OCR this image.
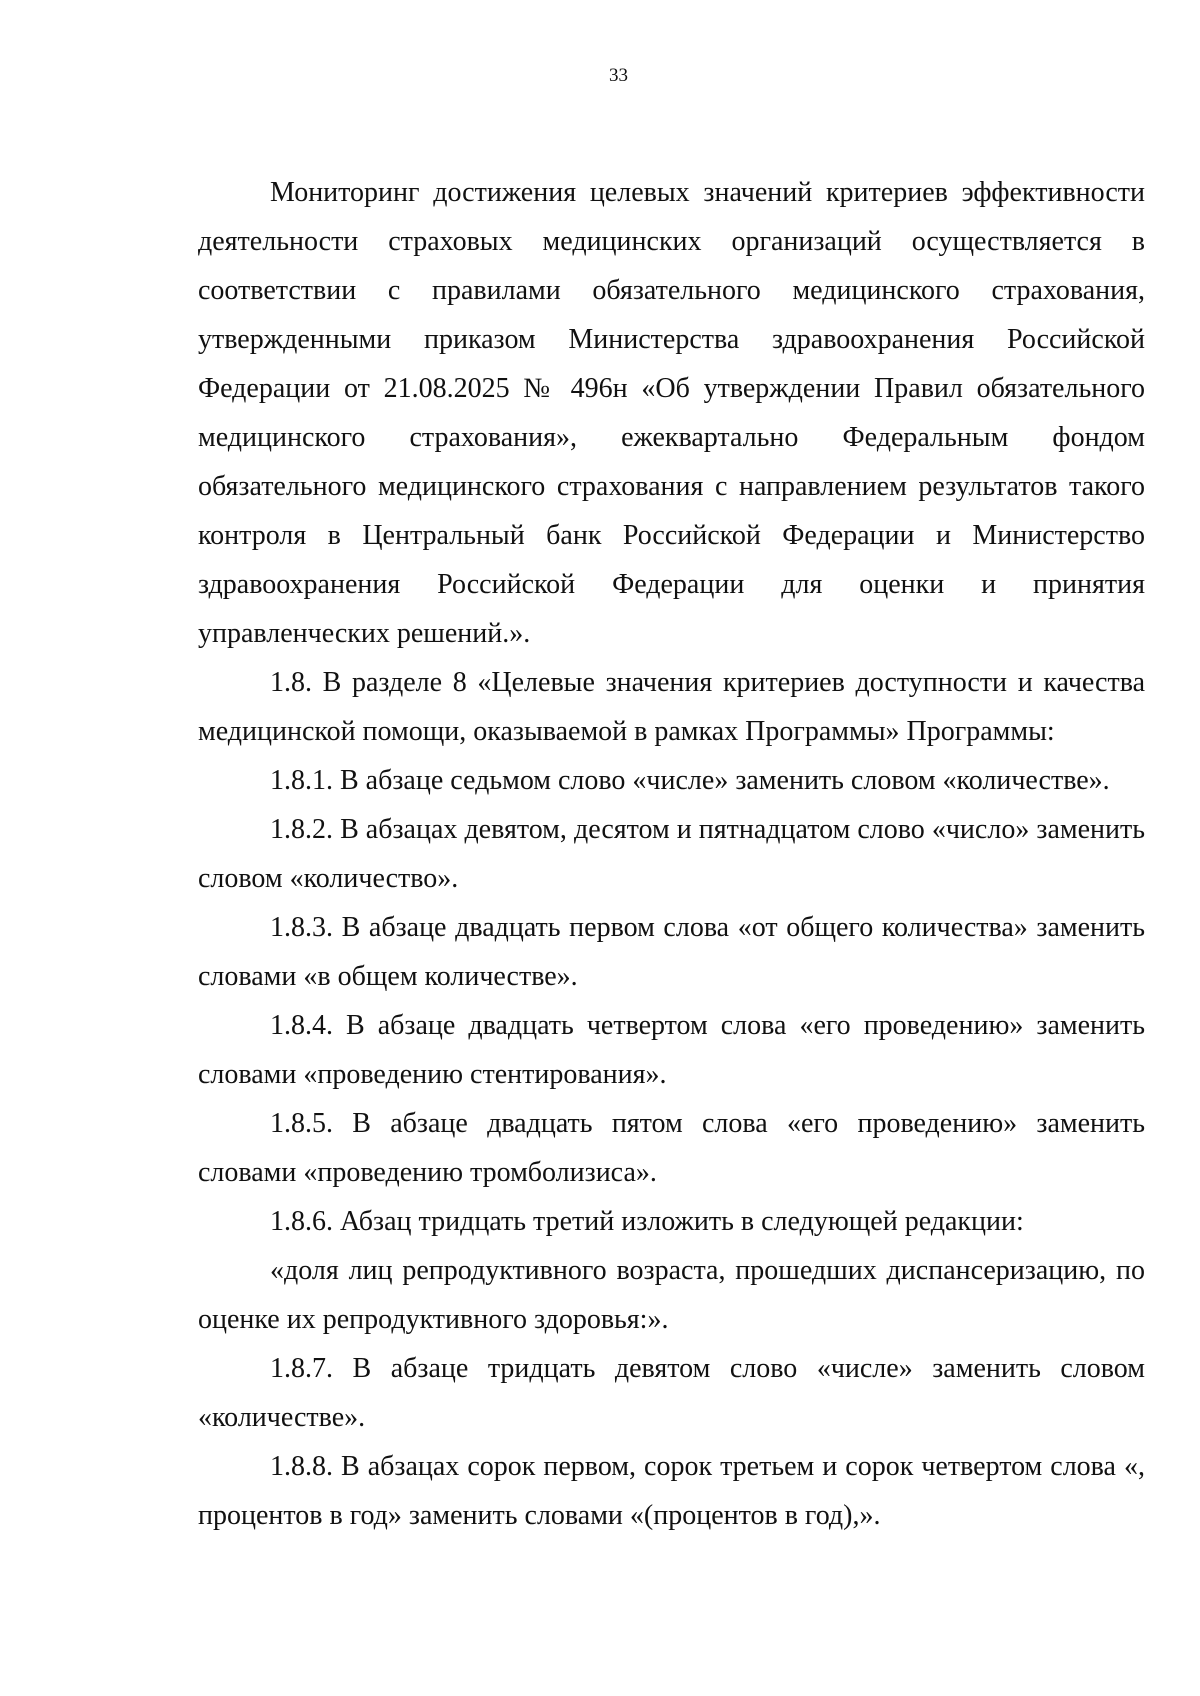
33

Мониторинг достижения целевых значений критериев эффективности деятельности страховых медицинских организаций осуществляется в соответствии с правилами обязательного медицинского страхования, утвержденными приказом Министерства здравоохранения Российской Федерации от 21.08.2025 № 496н «Об утверждении Правил обязательного медицинского страхования», ежеквартально Федеральным фондом обязательного медицинского страхования с направлением результатов такого контроля в Центральный банк Российской Федерации и Министерство здравоохранения Российской Федерации для оценки и принятия управленческих решений.».

1.8. В разделе 8 «Целевые значения критериев доступности и качества медицинской помощи, оказываемой в рамках Программы» Программы:

1.8.1. В абзаце седьмом слово «числе» заменить словом «количестве».

1.8.2. В абзацах девятом, десятом и пятнадцатом слово «число» заменить словом «количество».

1.8.3. В абзаце двадцать первом слова «от общего количества» заменить словами «в общем количестве».

1.8.4. В абзаце двадцать четвертом слова «его проведению» заменить словами «проведению стентирования».

1.8.5. В абзаце двадцать пятом слова «его проведению» заменить словами «проведению тромболизиса».

1.8.6. Абзац тридцать третий изложить в следующей редакции:

«доля лиц репродуктивного возраста, прошедших диспансеризацию, по оценке их репродуктивного здоровья:».

1.8.7. В абзаце тридцать девятом слово «числе» заменить словом «количестве».

1.8.8. В абзацах сорок первом, сорок третьем и сорок четвертом слова «, процентов в год» заменить словами «(процентов в год),».
